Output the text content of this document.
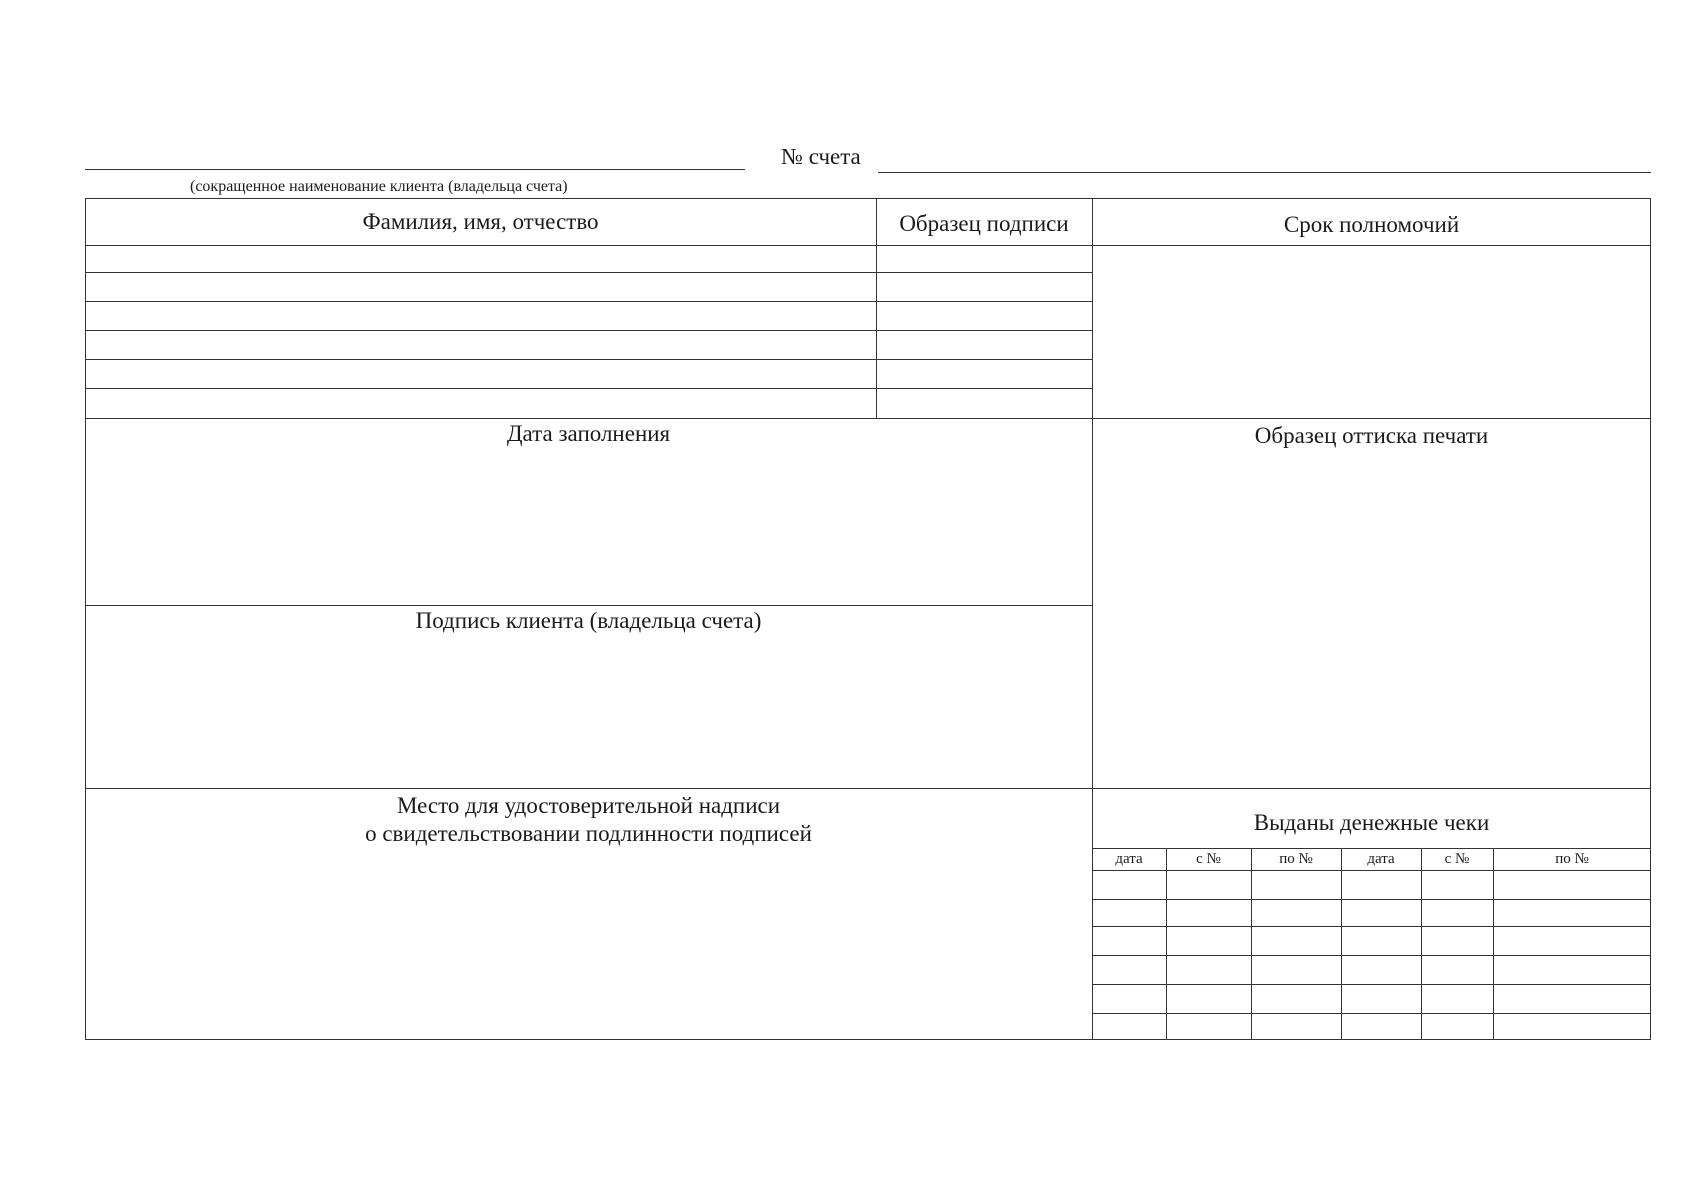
№ счета
(сокращенное наименование клиента (владельца счета)
Фамилия, имя, отчество	Образец подписи	Срок полномочий
Дата заполнения
Подпись клиента (владельца счета)
Образец оттиска печати
Место для удостоверительной надписи
о свидетельствовании подлинности подписей	Выданы денежные чеки
дата	с №	по №	дата	с №	по №
